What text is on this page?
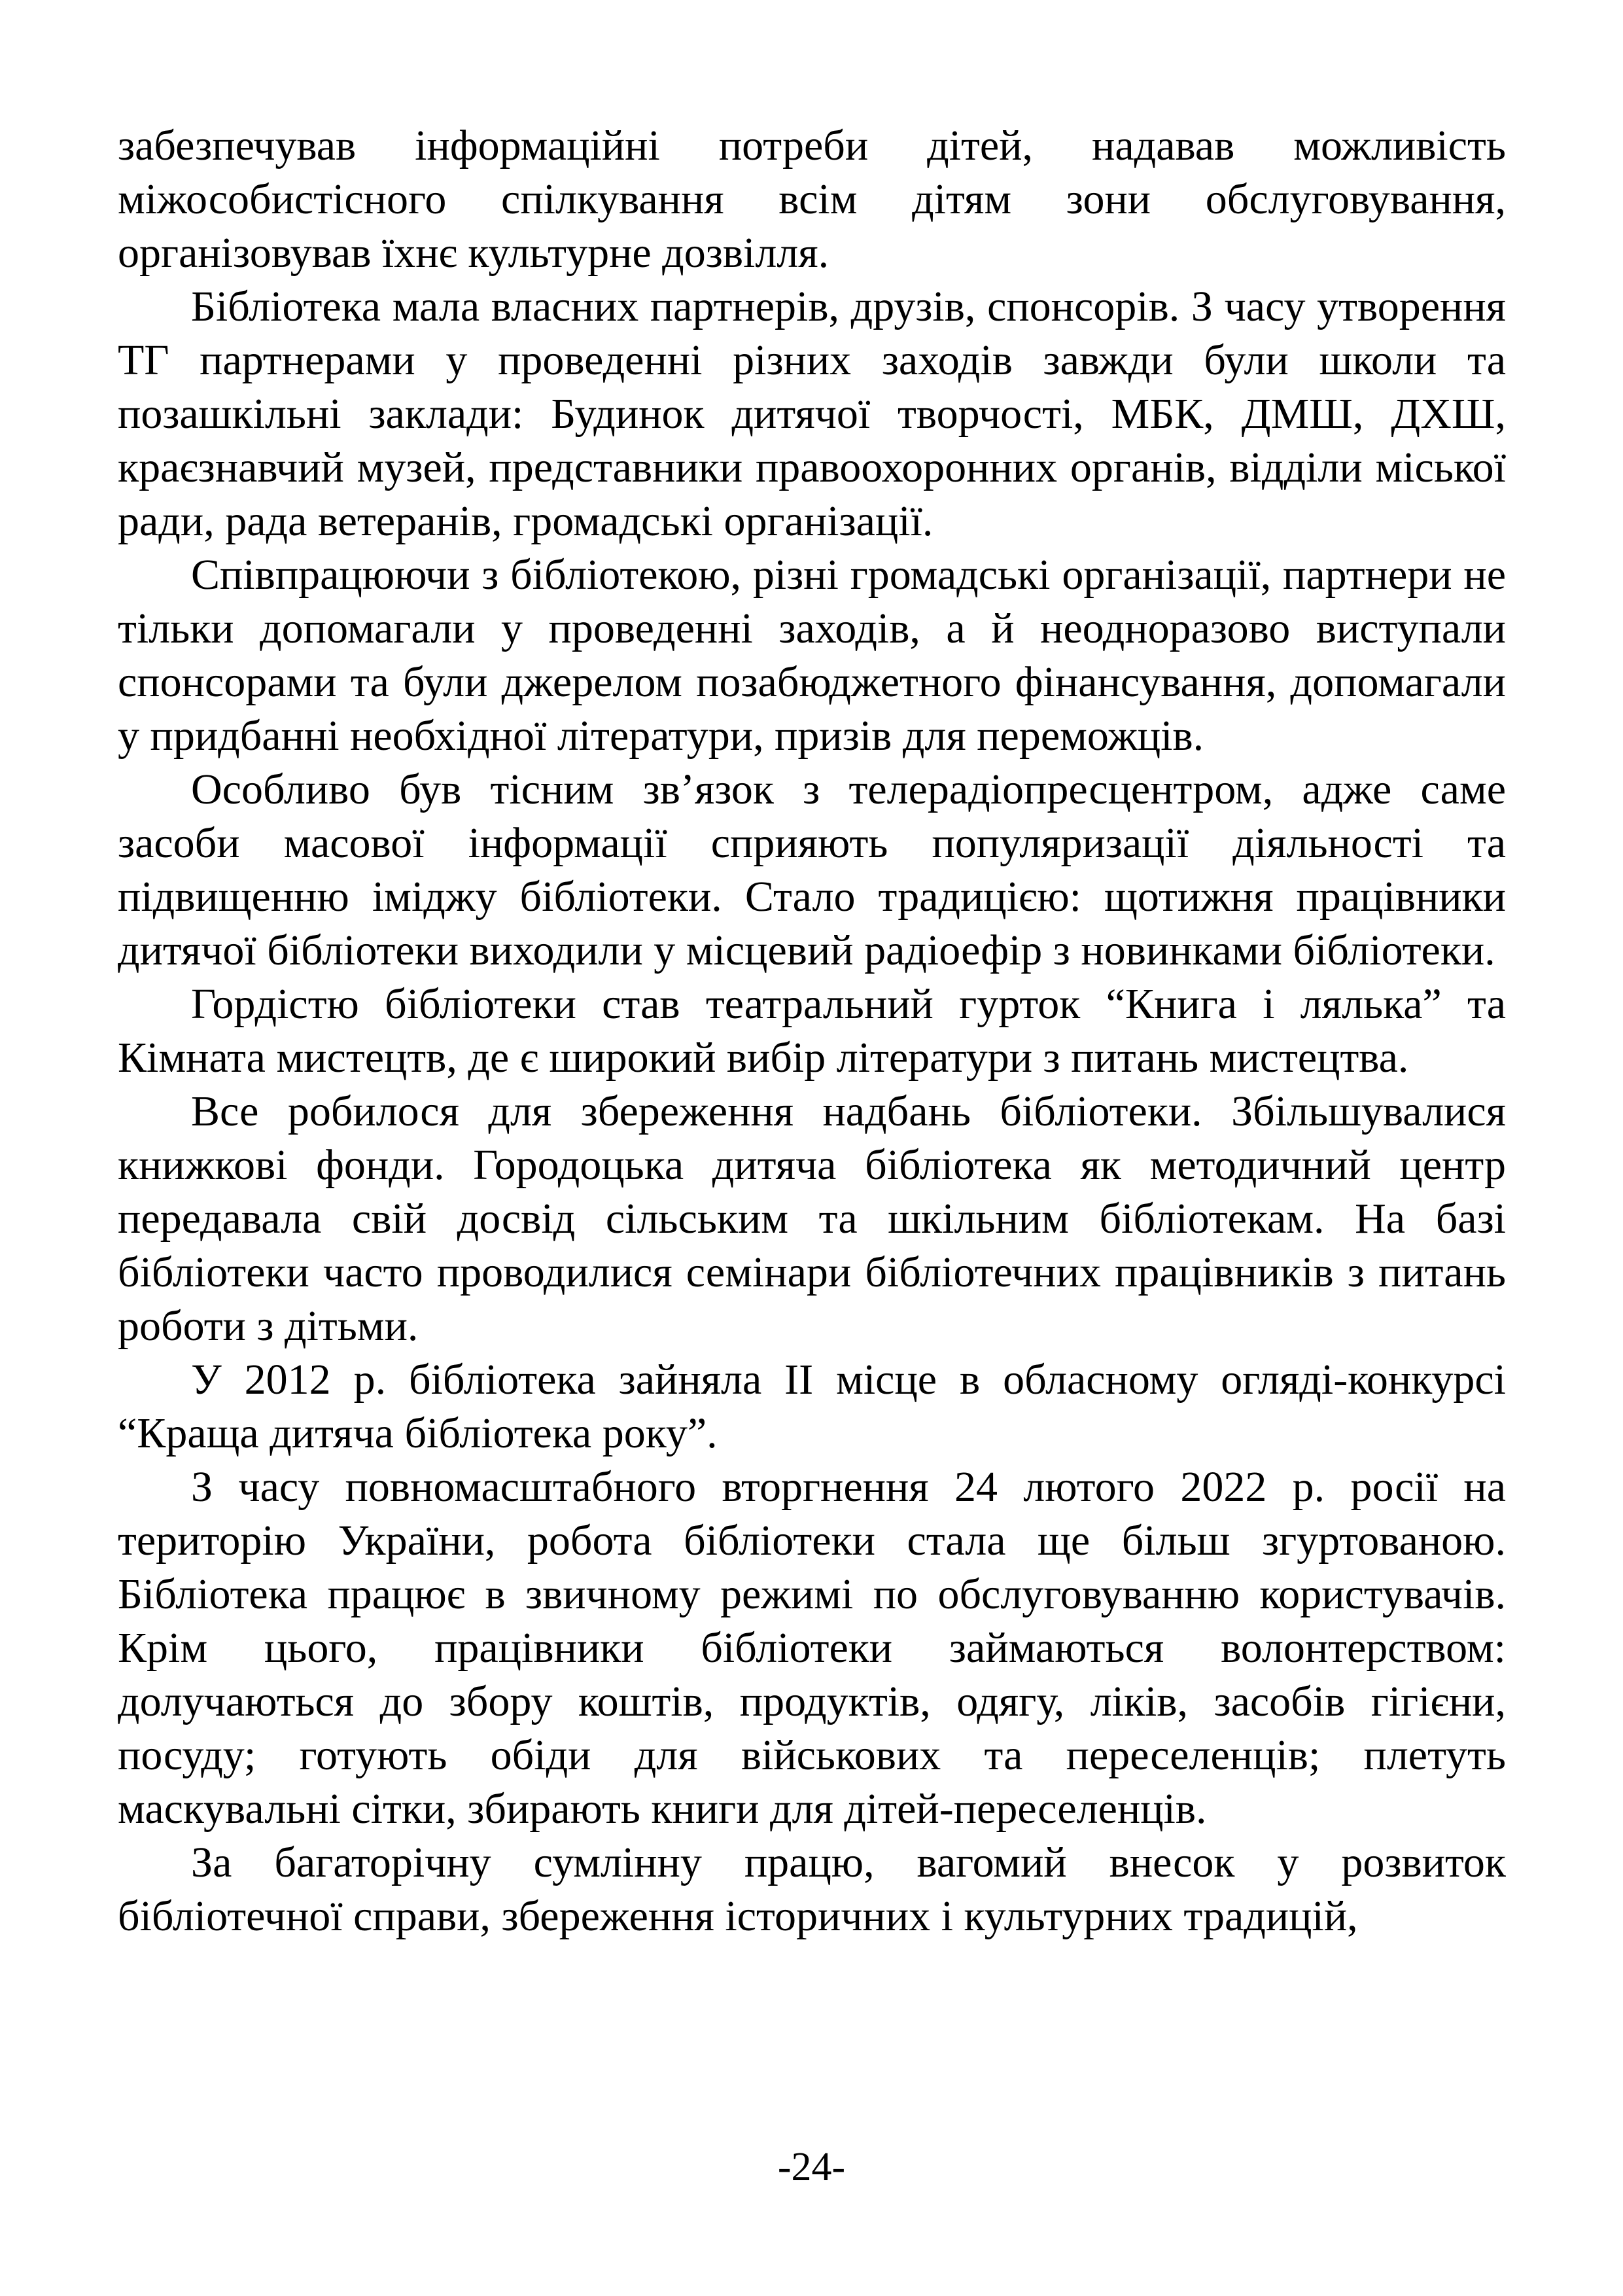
забезпечував інформаційні потреби дітей, надавав можливість міжособистісного спілкування всім дітям зони обслуговування, організовував їхнє культурне дозвілля.

Бібліотека мала власних партнерів, друзів, спонсорів. З часу утворення ТГ партнерами у проведенні різних заходів завжди були школи та позашкільні заклади: Будинок дитячої творчості, МБК, ДМШ, ДХШ, краєзнавчий музей, представники правоохоронних органів, відділи міської ради, рада ветеранів, громадські організації.

Співпрацюючи з бібліотекою, різні громадські організації, партнери не тільки допомагали у проведенні заходів, а й неодноразово виступали спонсорами та були джерелом позабюджетного фінансування, допомагали у придбанні необхідної літератури, призів для переможців.

Особливо був тісним зв’язок з телерадіопресцентром, адже саме засоби масової інформації сприяють популяризації діяльності та підвищенню іміджу бібліотеки. Стало традицією: щотижня працівники дитячої бібліотеки виходили у місцевий радіоефір з новинками бібліотеки.

Гордістю бібліотеки став театральний гурток “Книга і лялька” та Кімната мистецтв, де є широкий вибір літератури з питань мистецтва.

Все робилося для збереження надбань бібліотеки. Збільшувалися книжкові фонди. Городоцька дитяча бібліотека як методичний центр передавала свій досвід сільським та шкільним бібліотекам. На базі бібліотеки часто проводилися семінари бібліотечних працівників з питань роботи з дітьми.

У 2012 р. бібліотека зайняла ІІ місце в обласному огляді-конкурсі “Краща дитяча бібліотека року”.

З часу повномасштабного вторгнення 24 лютого 2022 р. росії на територію України, робота бібліотеки стала ще більш згуртованою. Бібліотека працює в звичному режимі по обслуговуванню користувачів. Крім цього, працівники бібліотеки займаються волонтерством: долучаються до збору коштів, продуктів, одягу, ліків, засобів гігієни, посуду; готують обіди для військових та переселенців; плетуть маскувальні сітки, збирають книги для дітей-переселенців.

За багаторічну сумлінну працю, вагомий внесок у розвиток бібліотечної справи, збереження історичних і культурних традицій,

-24-
